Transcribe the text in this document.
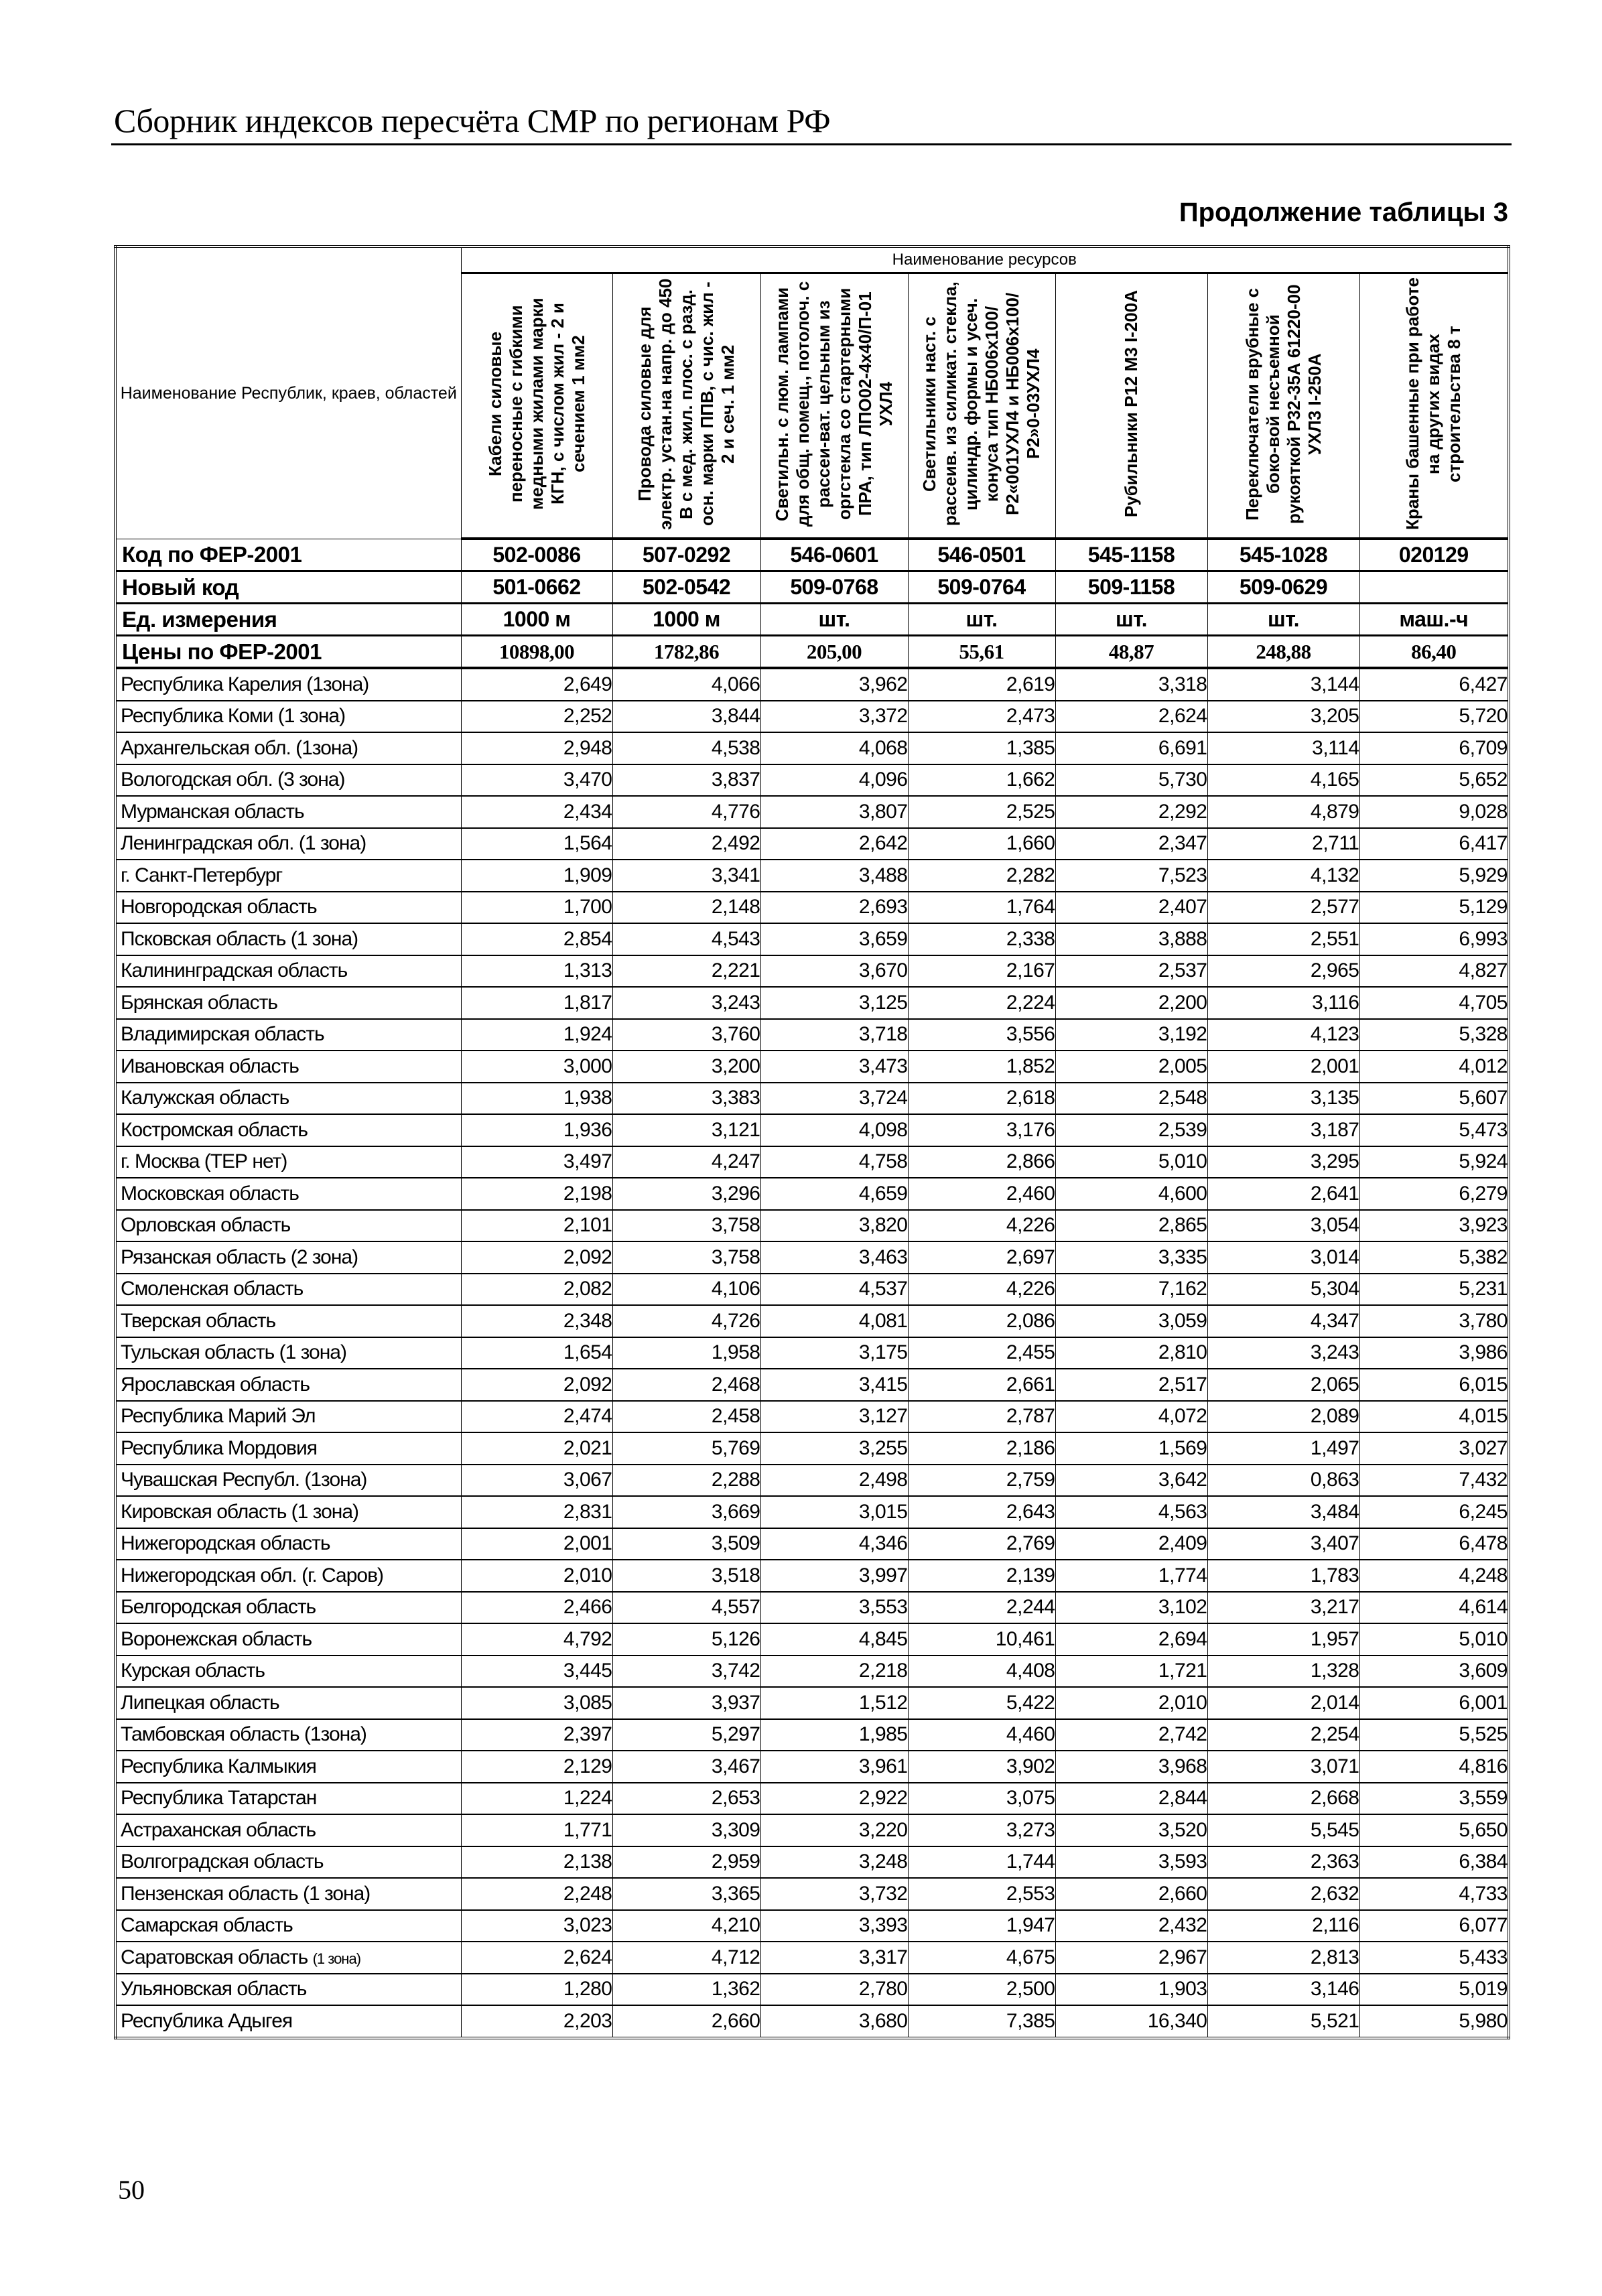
Сборник индексов пересчёта СМР по регионам РФ
Продолжение таблицы 3
Наименование Республик, краев, областей	Наименование ресурсов						
	Кабели силовые переносные с гибкими медными жилами марки КГН, с числом жил - 2 и сечением 1 мм2	Провода силовые для электр. устан.на напр. до 450 В с мед. жил. плос. с разд. осн. марки ППВ, с чис. жил - 2 и сеч. 1 мм2	Светильн. с люм. лампами для общ. помещ., потолоч. с рассеи-ват. цельным из оргстекла со стартерными ПРА, тип ЛПО02-4х40/П-01 УХЛ4	Светильники наст. с рассеив. из силикат. стекла, цилиндр. формы и усеч. конуса тип НБ006х100/Р2«001УХЛ4 и НБ006х100/Р2»0-03УХЛ4	Рубильники Р12 М3 I-200А	Переключатели врубные с боко-вой несъемной рукояткой Р32-35А 61220-00 УХЛ3 I-250А	Краны башенные при работе на других видах строительства 8 т
Код по ФЕР-2001	502-0086	507-0292	546-0601	546-0501	545-1158	545-1028	020129
Новый код	501-0662	502-0542	509-0768	509-0764	509-1158	509-0629	
Ед. измерения	1000 м	1000 м	шт.	шт.	шт.	шт.	маш.-ч
Цены по ФЕР-2001	10898,00	1782,86	205,00	55,61	48,87	248,88	86,40
Республика Карелия (1зона)	2,649	4,066	3,962	2,619	3,318	3,144	6,427
Республика Коми (1 зона)	2,252	3,844	3,372	2,473	2,624	3,205	5,720
Архангельская обл. (1зона)	2,948	4,538	4,068	1,385	6,691	3,114	6,709
Вологодская обл. (3 зона)	3,470	3,837	4,096	1,662	5,730	4,165	5,652
Мурманская область	2,434	4,776	3,807	2,525	2,292	4,879	9,028
Ленинградская обл. (1 зона)	1,564	2,492	2,642	1,660	2,347	2,711	6,417
г. Санкт-Петербург	1,909	3,341	3,488	2,282	7,523	4,132	5,929
Новгородская область	1,700	2,148	2,693	1,764	2,407	2,577	5,129
Псковская область (1 зона)	2,854	4,543	3,659	2,338	3,888	2,551	6,993
Калининградская область	1,313	2,221	3,670	2,167	2,537	2,965	4,827
Брянская область	1,817	3,243	3,125	2,224	2,200	3,116	4,705
Владимирская область	1,924	3,760	3,718	3,556	3,192	4,123	5,328
Ивановская область	3,000	3,200	3,473	1,852	2,005	2,001	4,012
Калужская область	1,938	3,383	3,724	2,618	2,548	3,135	5,607
Костромская область	1,936	3,121	4,098	3,176	2,539	3,187	5,473
г. Москва (ТЕР нет)	3,497	4,247	4,758	2,866	5,010	3,295	5,924
Московская область	2,198	3,296	4,659	2,460	4,600	2,641	6,279
Орловская область	2,101	3,758	3,820	4,226	2,865	3,054	3,923
Рязанская область (2 зона)	2,092	3,758	3,463	2,697	3,335	3,014	5,382
Смоленская область	2,082	4,106	4,537	4,226	7,162	5,304	5,231
Тверская область	2,348	4,726	4,081	2,086	3,059	4,347	3,780
Тульская область (1 зона)	1,654	1,958	3,175	2,455	2,810	3,243	3,986
Ярославская область	2,092	2,468	3,415	2,661	2,517	2,065	6,015
Республика Марий Эл	2,474	2,458	3,127	2,787	4,072	2,089	4,015
Республика Мордовия	2,021	5,769	3,255	2,186	1,569	1,497	3,027
Чувашская Республ. (1зона)	3,067	2,288	2,498	2,759	3,642	0,863	7,432
Кировская область (1 зона)	2,831	3,669	3,015	2,643	4,563	3,484	6,245
Нижегородская область	2,001	3,509	4,346	2,769	2,409	3,407	6,478
Нижегородская обл. (г. Саров)	2,010	3,518	3,997	2,139	1,774	1,783	4,248
Белгородская область	2,466	4,557	3,553	2,244	3,102	3,217	4,614
Воронежская область	4,792	5,126	4,845	10,461	2,694	1,957	5,010
Курская область	3,445	3,742	2,218	4,408	1,721	1,328	3,609
Липецкая область	3,085	3,937	1,512	5,422	2,010	2,014	6,001
Тамбовская область (1зона)	2,397	5,297	1,985	4,460	2,742	2,254	5,525
Республика Калмыкия	2,129	3,467	3,961	3,902	3,968	3,071	4,816
Республика Татарстан	1,224	2,653	2,922	3,075	2,844	2,668	3,559
Астраханская область	1,771	3,309	3,220	3,273	3,520	5,545	5,650
Волгоградская область	2,138	2,959	3,248	1,744	3,593	2,363	6,384
Пензенская область (1 зона)	2,248	3,365	3,732	2,553	2,660	2,632	4,733
Самарская область	3,023	4,210	3,393	1,947	2,432	2,116	6,077
Саратовская область (1 зона)	2,624	4,712	3,317	4,675	2,967	2,813	5,433
Ульяновская область	1,280	1,362	2,780	2,500	1,903	3,146	5,019
Республика Адыгея	2,203	2,660	3,680	7,385	16,340	5,521	5,980
50
